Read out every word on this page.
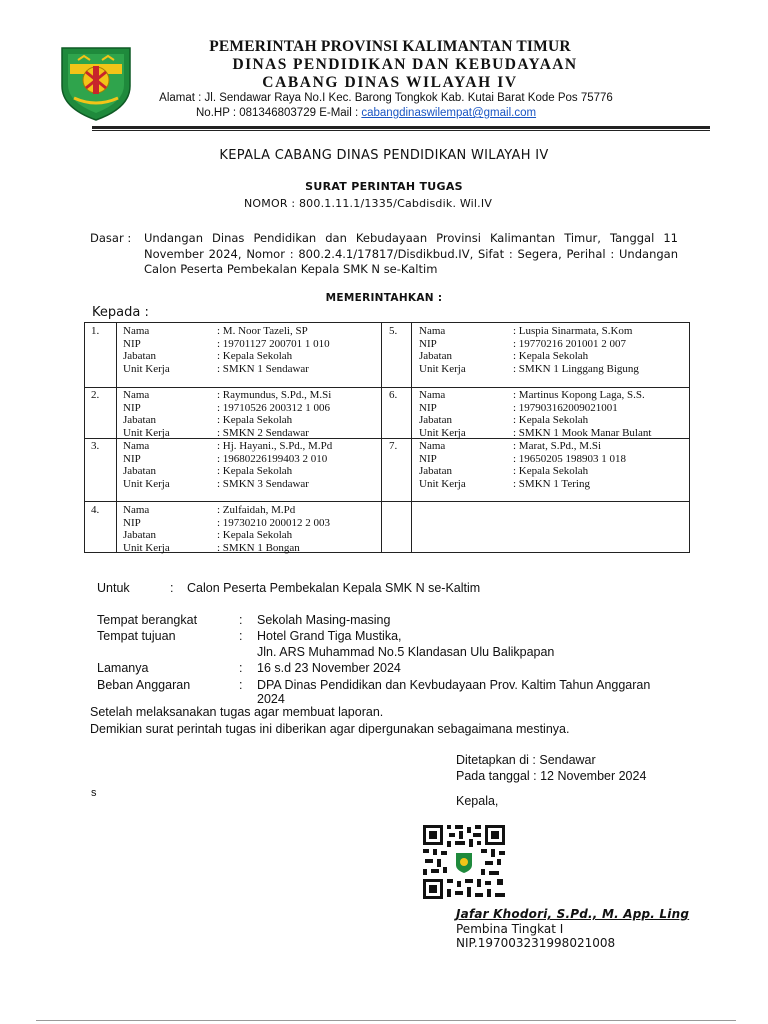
PEMERINTAH PROVINSI KALIMANTAN TIMUR
DINAS PENDIDIKAN DAN KEBUDAYAAN
CABANG DINAS WILAYAH IV
Alamat : Jl. Sendawar Raya No.I Kec. Barong Tongkok Kab. Kutai Barat Kode Pos 75776
No.HP : 081346803729 E-Mail : cabangdinaswilempat@gmail.com
KEPALA CABANG DINAS PENDIDIKAN WILAYAH IV
SURAT PERINTAH TUGAS
NOMOR : 800.1.11.1/1335/Cabdisdik. Wil.IV
Dasar : Undangan Dinas Pendidikan dan Kebudayaan Provinsi Kalimantan Timur, Tanggal 11 November 2024, Nomor : 800.2.4.1/17817/Disdikbud.IV, Sifat : Segera, Perihal : Undangan Calon Peserta Pembekalan Kepala SMK N se-Kaltim
MEMERINTAHKAN :
Kepada :
1. Nama	: M. Noor Tazeli, SP
NIP	: 19701127 200701 1 010
Jabatan	: Kepala Sekolah
Unit Kerja	: SMKN 1 Sendawar
2. Nama	: Raymundus, S.Pd., M.Si
NIP	: 19710526 200312 1 006
Jabatan	: Kepala Sekolah
Unit Kerja	: SMKN 2 Sendawar
3. Nama	: Hj. Hayani., S.Pd., M.Pd
NIP	: 19680226199403 2 010
Jabatan	: Kepala Sekolah
Unit Kerja	: SMKN 3 Sendawar
4. Nama	: Zulfaidah, M.Pd
NIP	: 19730210 200012 2 003
Jabatan	: Kepala Sekolah
Unit Kerja	: SMKN 1 Bongan
5. Nama	: Luspia Sinarmata, S.Kom
NIP	: 19770216 201001 2 007
Jabatan	: Kepala Sekolah
Unit Kerja	: SMKN 1 Linggang Bigung
6. Nama	: Martinus Kopong Laga, S.S.
NIP	: 197903162009021001
Jabatan	: Kepala Sekolah
Unit Kerja	: SMKN 1 Mook Manar Bulant
7. Nama	: Marat, S.Pd., M.Si
NIP	: 19650205 198903 1 018
Jabatan	: Kepala Sekolah
Unit Kerja	: SMKN 1 Tering
Untuk	: Calon Peserta Pembekalan Kepala SMK N se-Kaltim
Tempat berangkat	: Sekolah Masing-masing
Tempat tujuan	: Hotel Grand Tiga Mustika,
Jln. ARS Muhammad No.5 Klandasan Ulu Balikpapan
Lamanya	: 16 s.d 23 November 2024
Beban Anggaran	: DPA Dinas Pendidikan dan Kevbudayaan Prov. Kaltim Tahun Anggaran
2024
Setelah melaksanakan tugas agar membuat laporan.
Demikian surat perintah tugas ini diberikan agar dipergunakan sebagaimana mestinya.
Ditetapkan di : Sendawar
Pada tanggal : 12 November 2024
s
Kepala,
Jafar Khodori, S.Pd., M. App. Ling
Pembina Tingkat I
NIP.197003231998021008
